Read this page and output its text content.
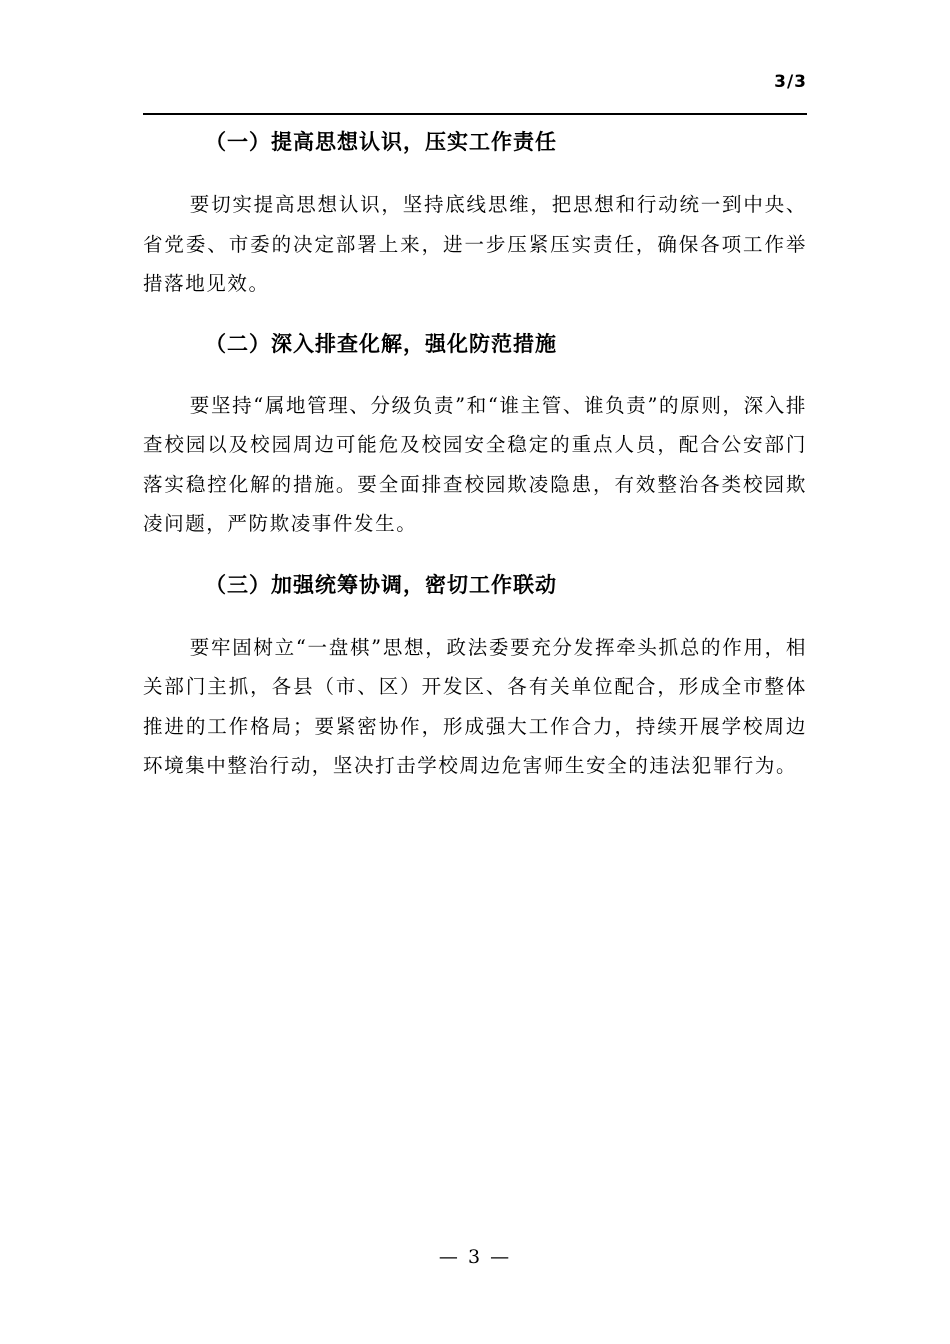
3/3
（一）提高思想认识，压实工作责任

要切实提高思想认识，坚持底线思维，把思想和行动统一到中央、省党委、市委的决定部署上来，进一步压紧压实责任，确保各项工作举措落地见效。

（二）深入排查化解，强化防范措施

要坚持“属地管理、分级负责”和“谁主管、谁负责”的原则，深入排查校园以及校园周边可能危及校园安全稳定的重点人员，配合公安部门落实稳控化解的措施。要全面排查校园欺凌隐患，有效整治各类校园欺凌问题，严防欺凌事件发生。

（三）加强统筹协调，密切工作联动

要牢固树立“一盘棋”思想，政法委要充分发挥牵头抓总的作用，相关部门主抓，各县（市、区）开发区、各有关单位配合，形成全市整体推进的工作格局；要紧密协作，形成强大工作合力，持续开展学校周边环境集中整治行动，坚决打击学校周边危害师生安全的违法犯罪行为。

— 3 —
